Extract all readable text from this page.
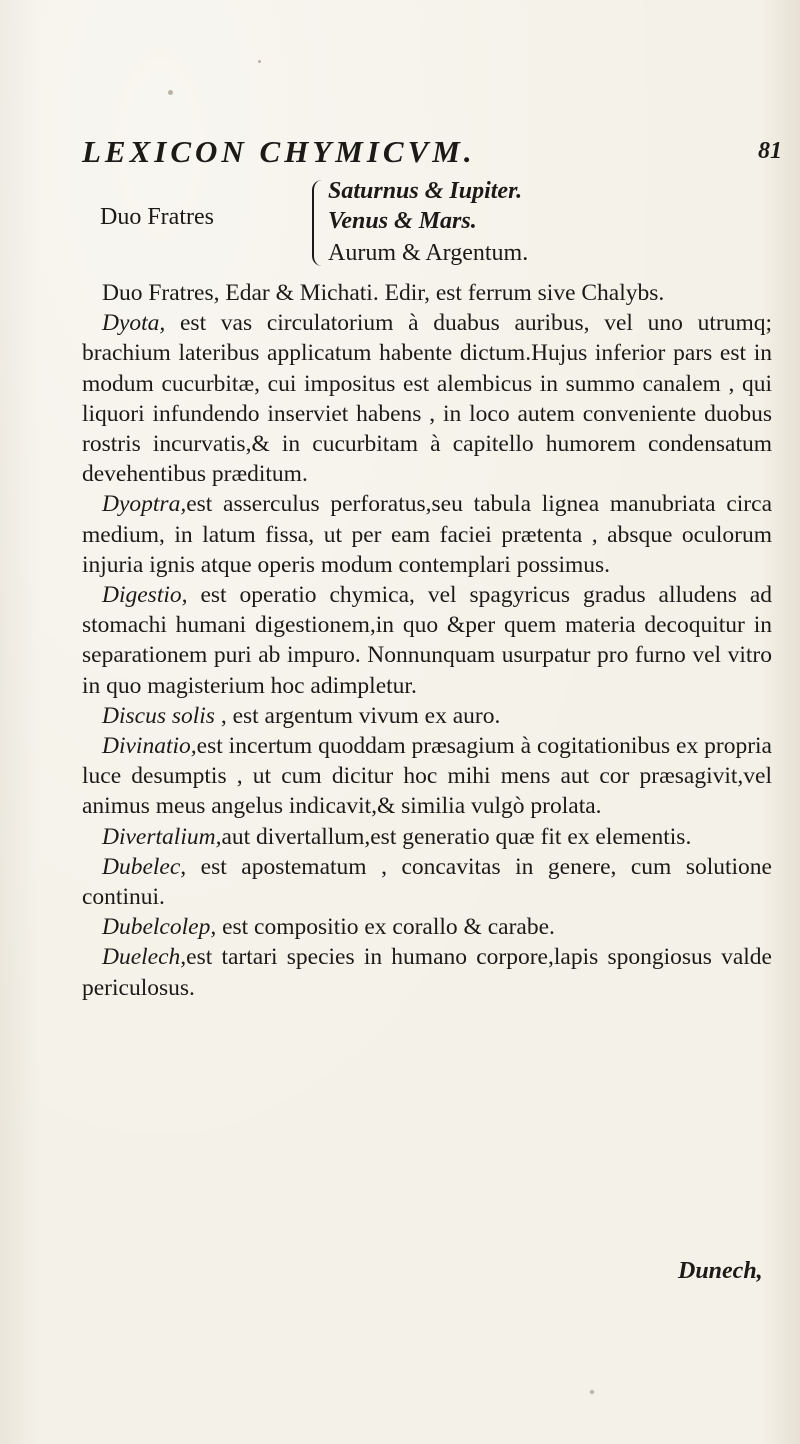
LEXICON CHYMICVM.	81
Duo Fratres
Saturnus & Iupiter.
Venus & Mars.
Aurum & Argentum.

Duo Fratres, Edar & Michati. Edir, est ferrum sive Chalybs.

Dyota, est vas circulatorium à duabus auribus, vel uno utrumq; brachium lateribus applicatum habente dictum.Hujus inferior pars est in modum cucurbitæ, cui impositus est alembicus in summo canalem , qui liquori infundendo inserviet habens , in loco autem conveniente duobus rostris incurvatis,& in cucurbitam à capitello humorem condensatum devehentibus præditum.

Dyoptra,est asserculus perforatus,seu tabula lignea manubriata circa medium, in latum fissa, ut per eam faciei prætenta , absque oculorum injuria ignis atque operis modum contemplari possimus.

Digestio, est operatio chymica, vel spagyricus gradus alludens ad stomachi humani digestionem,in quo &per quem materia decoquitur in separationem puri ab impuro. Nonnunquam usurpatur pro furno vel vitro in quo magisterium hoc adimpletur.

Discus solis , est argentum vivum ex auro.

Divinatio,est incertum quoddam præsagium à cogitationibus ex propria luce desumptis , ut cum dicitur hoc mihi mens aut cor præsagivit,vel animus meus angelus indicavit,& similia vulgò prolata.

Divertalium,aut divertallum,est generatio quæ fit ex elementis.

Dubelec, est apostematum , concavitas in genere, cum solutione continui.

Dubelcolep, est compositio ex corallo & carabe.

Duelech,est tartari species in humano corpore,lapis spongiosus valde periculosus.

Dunech,
